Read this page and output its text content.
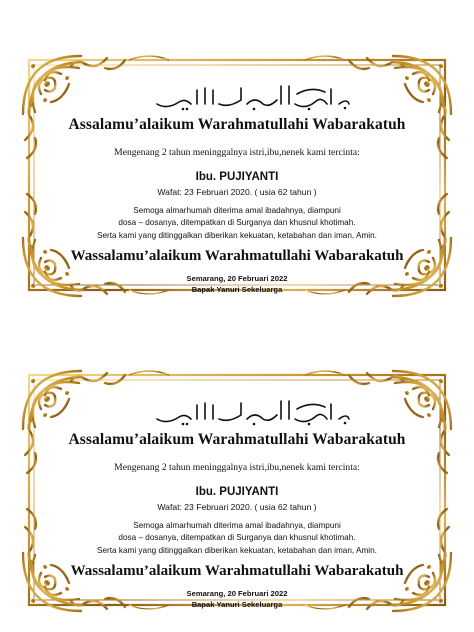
Assalamu’alaikum Warahmatullahi Wabarakatuh
Mengenang 2 tahun meninggalnya istri,ibu,nenek kami tercinta:
Ibu. PUJIYANTI
Wafat: 23 Februari 2020. ( usia 62 tahun )
Semoga almarhumah diterima amal ibadahnya, diampuni
dosa – dosanya, ditempatkan di Surganya dan khusnul khotimah.
Serta kami yang ditinggalkan diberikan kekuatan, ketabahan dan iman, Amin.
Wassalamu’alaikum Warahmatullahi Wabarakatuh
Semarang, 20 Februari 2022
Bapak Yanuri Sekeluarga
Assalamu’alaikum Warahmatullahi Wabarakatuh
Mengenang 2 tahun meninggalnya istri,ibu,nenek kami tercinta:
Ibu. PUJIYANTI
Wafat: 23 Februari 2020. ( usia 62 tahun )
Semoga almarhumah diterima amal ibadahnya, diampuni
dosa – dosanya, ditempatkan di Surganya dan khusnul khotimah.
Serta kami yang ditinggalkan diberikan kekuatan, ketabahan dan iman, Amin.
Wassalamu’alaikum Warahmatullahi Wabarakatuh
Semarang, 20 Februari 2022
Bapak Yanuri Sekeluarga
